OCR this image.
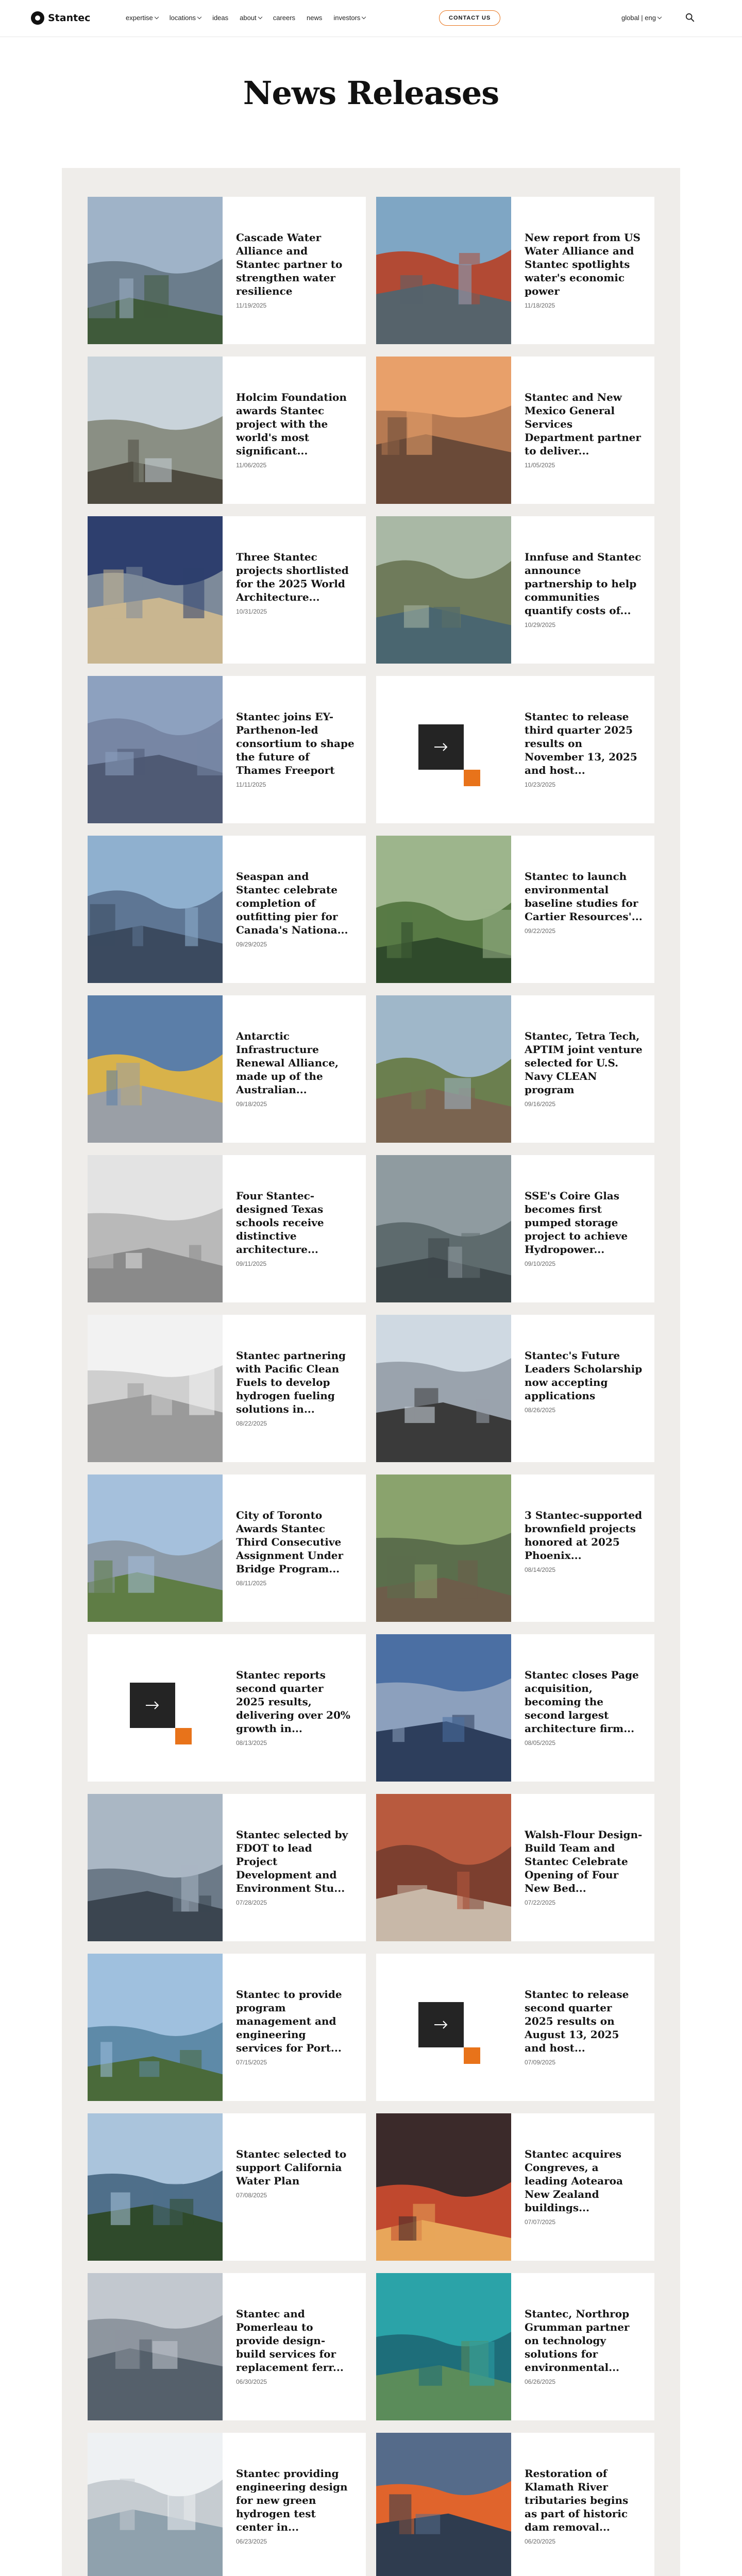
Stantec	expertise locations ideas about careers news investors	CONTACT US	global | eng
News Releases
Cascade Water Alliance and Stantec partner to strengthen water resilience
11/19/2025
New report from US Water Alliance and Stantec spotlights water's economic power
11/18/2025
Holcim Foundation awards Stantec project with the world's most significant...
11/06/2025
Stantec and New Mexico General Services Department partner to deliver...
11/05/2025
Three Stantec projects shortlisted for the 2025 World Architecture...
10/31/2025
Innfuse and Stantec announce partnership to help communities quantify costs of...
10/29/2025
Stantec joins EY-Parthenon-led consortium to shape the future of Thames Freeport
11/11/2025
Stantec to release third quarter 2025 results on November 13, 2025 and host...
10/23/2025
Seaspan and Stantec celebrate completion of outfitting pier for Canada's Nationa...
09/29/2025
Stantec to launch environmental baseline studies for Cartier Resources'...
09/22/2025
Antarctic Infrastructure Renewal Alliance, made up of the Australian...
09/18/2025
Stantec, Tetra Tech, APTIM joint venture selected for U.S. Navy CLEAN program
09/16/2025
Four Stantec-designed Texas schools receive distinctive architecture...
09/11/2025
SSE's Coire Glas becomes first pumped storage project to achieve Hydropower...
09/10/2025
Stantec partnering with Pacific Clean Fuels to develop hydrogen fueling solutions in...
08/22/2025
Stantec's Future Leaders Scholarship now accepting applications
08/26/2025
City of Toronto Awards Stantec Third Consecutive Assignment Under Bridge Program...
08/11/2025
3 Stantec-supported brownfield projects honored at 2025 Phoenix...
08/14/2025
Stantec reports second quarter 2025 results, delivering over 20% growth in...
08/13/2025
Stantec closes Page acquisition, becoming the second largest architecture firm...
08/05/2025
Stantec selected by FDOT to lead Project Development and Environment Stu...
07/28/2025
Walsh-Flour Design-Build Team and Stantec Celebrate Opening of Four New Bed...
07/22/2025
Stantec to provide program management and engineering services for Port...
07/15/2025
Stantec to release second quarter 2025 results on August 13, 2025 and host...
07/09/2025
Stantec selected to support California Water Plan
07/08/2025
Stantec acquires Congreves, a leading Aotearoa New Zealand buildings...
07/07/2025
Stantec and Pomerleau to provide design-build services for replacement ferr...
06/30/2025
Stantec, Northrop Grumman partner on technology solutions for environmental...
06/26/2025
Stantec providing engineering design for new green hydrogen test center in...
06/23/2025
Restoration of Klamath River tributaries begins as part of historic dam removal...
06/20/2025
